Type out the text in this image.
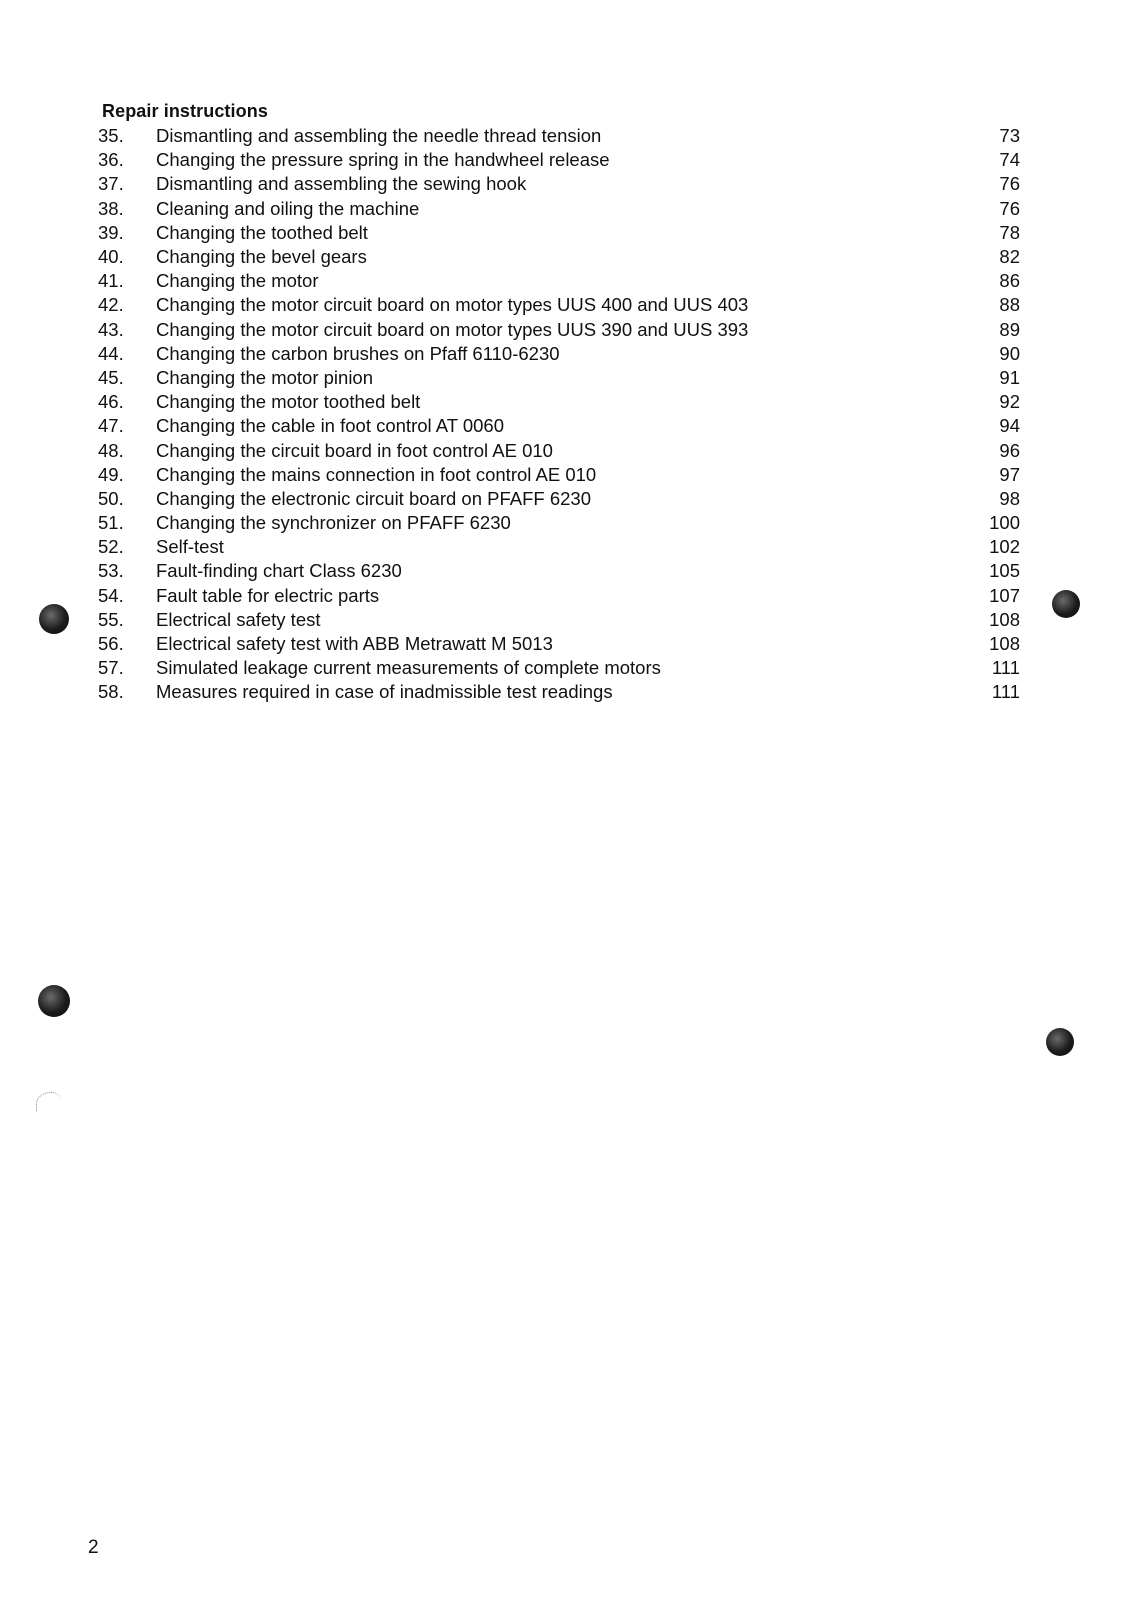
Repair instructions
35.	Dismantling and assembling the needle thread tension	73
36.	Changing the pressure spring in the handwheel release	74
37.	Dismantling and assembling the sewing hook	76
38.	Cleaning and oiling the machine	76
39.	Changing the toothed belt	78
40.	Changing the bevel gears	82
41.	Changing the motor	86
42.	Changing the motor circuit board on motor types UUS 400 and UUS 403	88
43.	Changing the motor circuit board on motor types UUS 390 and UUS 393	89
44.	Changing the carbon brushes on Pfaff 6110-6230	90
45.	Changing the motor pinion	91
46.	Changing the motor toothed belt	92
47.	Changing the cable in foot control AT 0060	94
48.	Changing the circuit board in foot control AE 010	96
49.	Changing the mains connection in foot control AE 010	97
50.	Changing the electronic circuit board on PFAFF 6230	98
51.	Changing the synchronizer on PFAFF 6230	100
52.	Self-test	102
53.	Fault-finding chart Class 6230	105
54.	Fault table for electric parts	107
55.	Electrical safety test	108
56.	Electrical safety test with ABB Metrawatt M 5013	108
57.	Simulated leakage current measurements of complete motors	111
58.	Measures required in case of inadmissible test readings	111
2
